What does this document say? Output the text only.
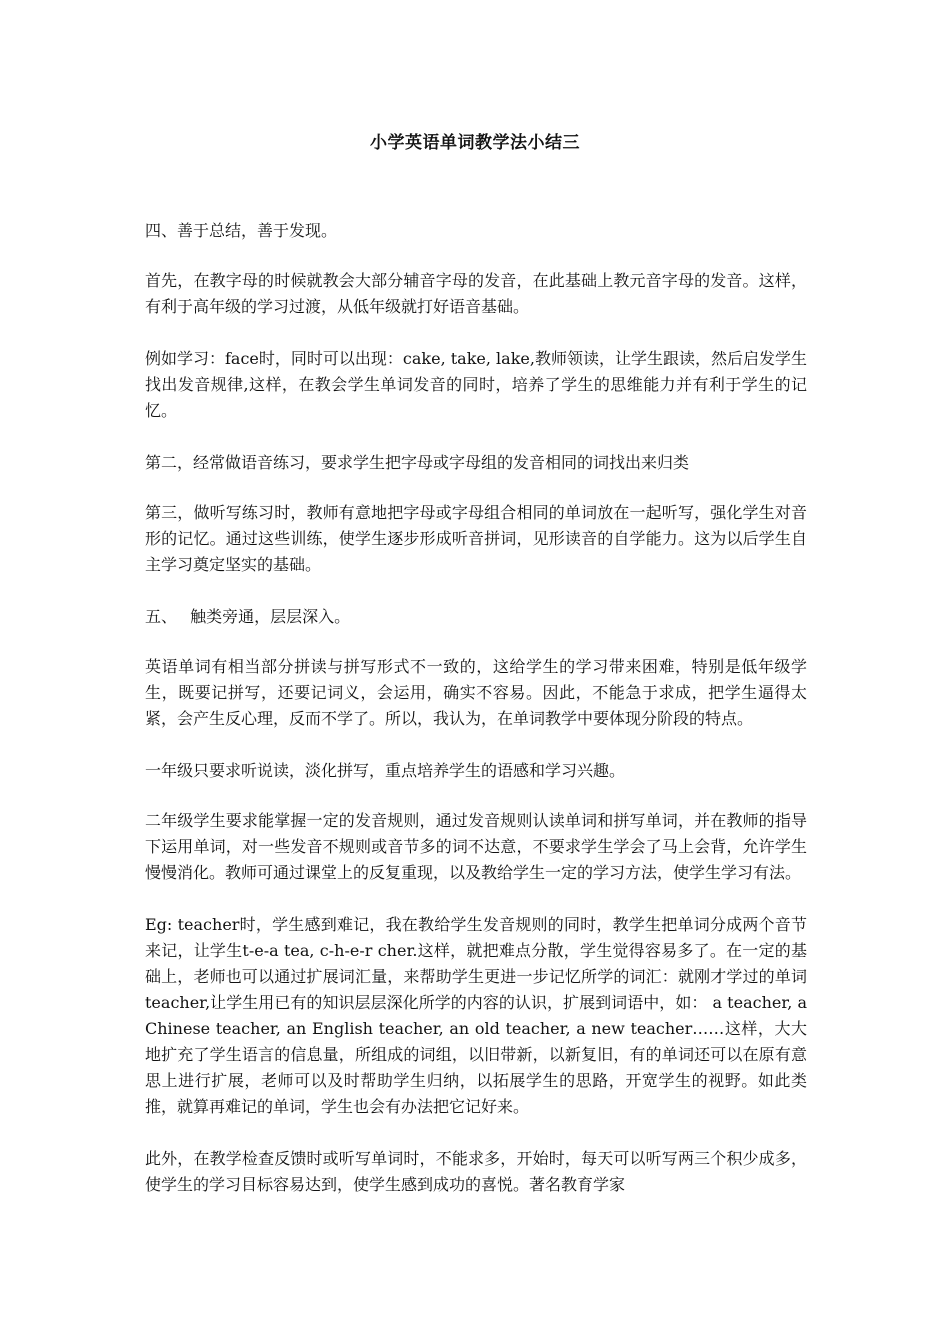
小学英语单词教学法小结三

四、善于总结，善于发现。

首先，在教字母的时候就教会大部分辅音字母的发音，在此基础上教元音字母的发音。这样，有利于高年级的学习过渡，从低年级就打好语音基础。

例如学习：face时，同时可以出现：cake, take, lake,教师领读，让学生跟读，然后启发学生找出发音规律,这样，在教会学生单词发音的同时，培养了学生的思维能力并有利于学生的记忆。

第二，经常做语音练习，要求学生把字母或字母组的发音相同的词找出来归类

第三，做听写练习时，教师有意地把字母或字母组合相同的单词放在一起听写，强化学生对音形的记忆。通过这些训练，使学生逐步形成听音拼词，见形读音的自学能力。这为以后学生自主学习奠定坚实的基础。

五、　 触类旁通，层层深入。

英语单词有相当部分拼读与拼写形式不一致的，这给学生的学习带来困难，特别是低年级学生，既要记拼写，还要记词义，会运用，确实不容易。因此，不能急于求成，把学生逼得太紧，会产生反心理，反而不学了。所以，我认为，在单词教学中要体现分阶段的特点。

一年级只要求听说读，淡化拼写，重点培养学生的语感和学习兴趣。

二年级学生要求能掌握一定的发音规则，通过发音规则认读单词和拼写单词，并在教师的指导下运用单词，对一些发音不规则或音节多的词不达意，不要求学生学会了马上会背，允许学生慢慢消化。教师可通过课堂上的反复重现，以及教给学生一定的学习方法，使学生学习有法。

Eg: teacher时，学生感到难记，我在教给学生发音规则的同时，教学生把单词分成两个音节来记，让学生t-e-a tea, c-h-e-r cher.这样，就把难点分散，学生觉得容易多了。在一定的基础上，老师也可以通过扩展词汇量，来帮助学生更进一步记忆所学的词汇：就刚才学过的单词teacher,让学生用已有的知识层层深化所学的内容的认识，扩展到词语中，如： a teacher, a Chinese teacher, an English teacher, an old teacher, a new teacher……这样，大大地扩充了学生语言的信息量，所组成的词组，以旧带新，以新复旧，有的单词还可以在原有意思上进行扩展，老师可以及时帮助学生归纳，以拓展学生的思路，开宽学生的视野。如此类推，就算再难记的单词，学生也会有办法把它记好来。

此外，在教学检查反馈时或听写单词时，不能求多，开始时，每天可以听写两三个积少成多，使学生的学习目标容易达到，使学生感到成功的喜悦。著名教育学家
